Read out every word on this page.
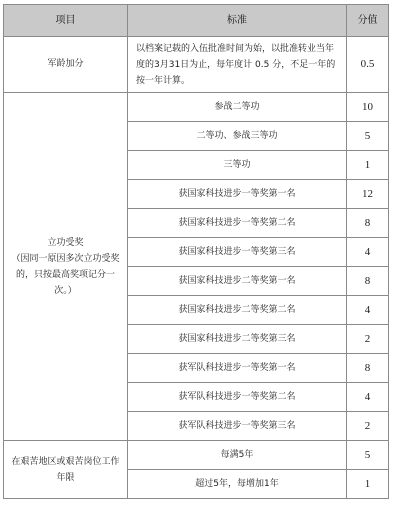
项目	标准	分值
军龄加分	以档案记载的入伍批准时间为始，以批准转业当年度的3月31日为止，每年度计 0.5 分，不足一年的按一年计算。	0.5

立功受奖
（因同一原因多次立功受奖的，只按最高奖项记分一次。）	参战二等功	10
	二等功、参战三等功	5
	三等功	1
	获国家科技进步一等奖第一名	12
	获国家科技进步一等奖第二名	8
	获国家科技进步一等奖第三名	4
	获国家科技进步二等奖第一名	8
	获国家科技进步二等奖第二名	4
	获国家科技进步二等奖第三名	2
	获军队科技进步一等奖第一名	8
	获军队科技进步一等奖第二名	4
	获军队科技进步一等奖第三名	2
在艰苦地区或艰苦岗位工作年限	每满5年	5
	超过5年，每增加1年	1
